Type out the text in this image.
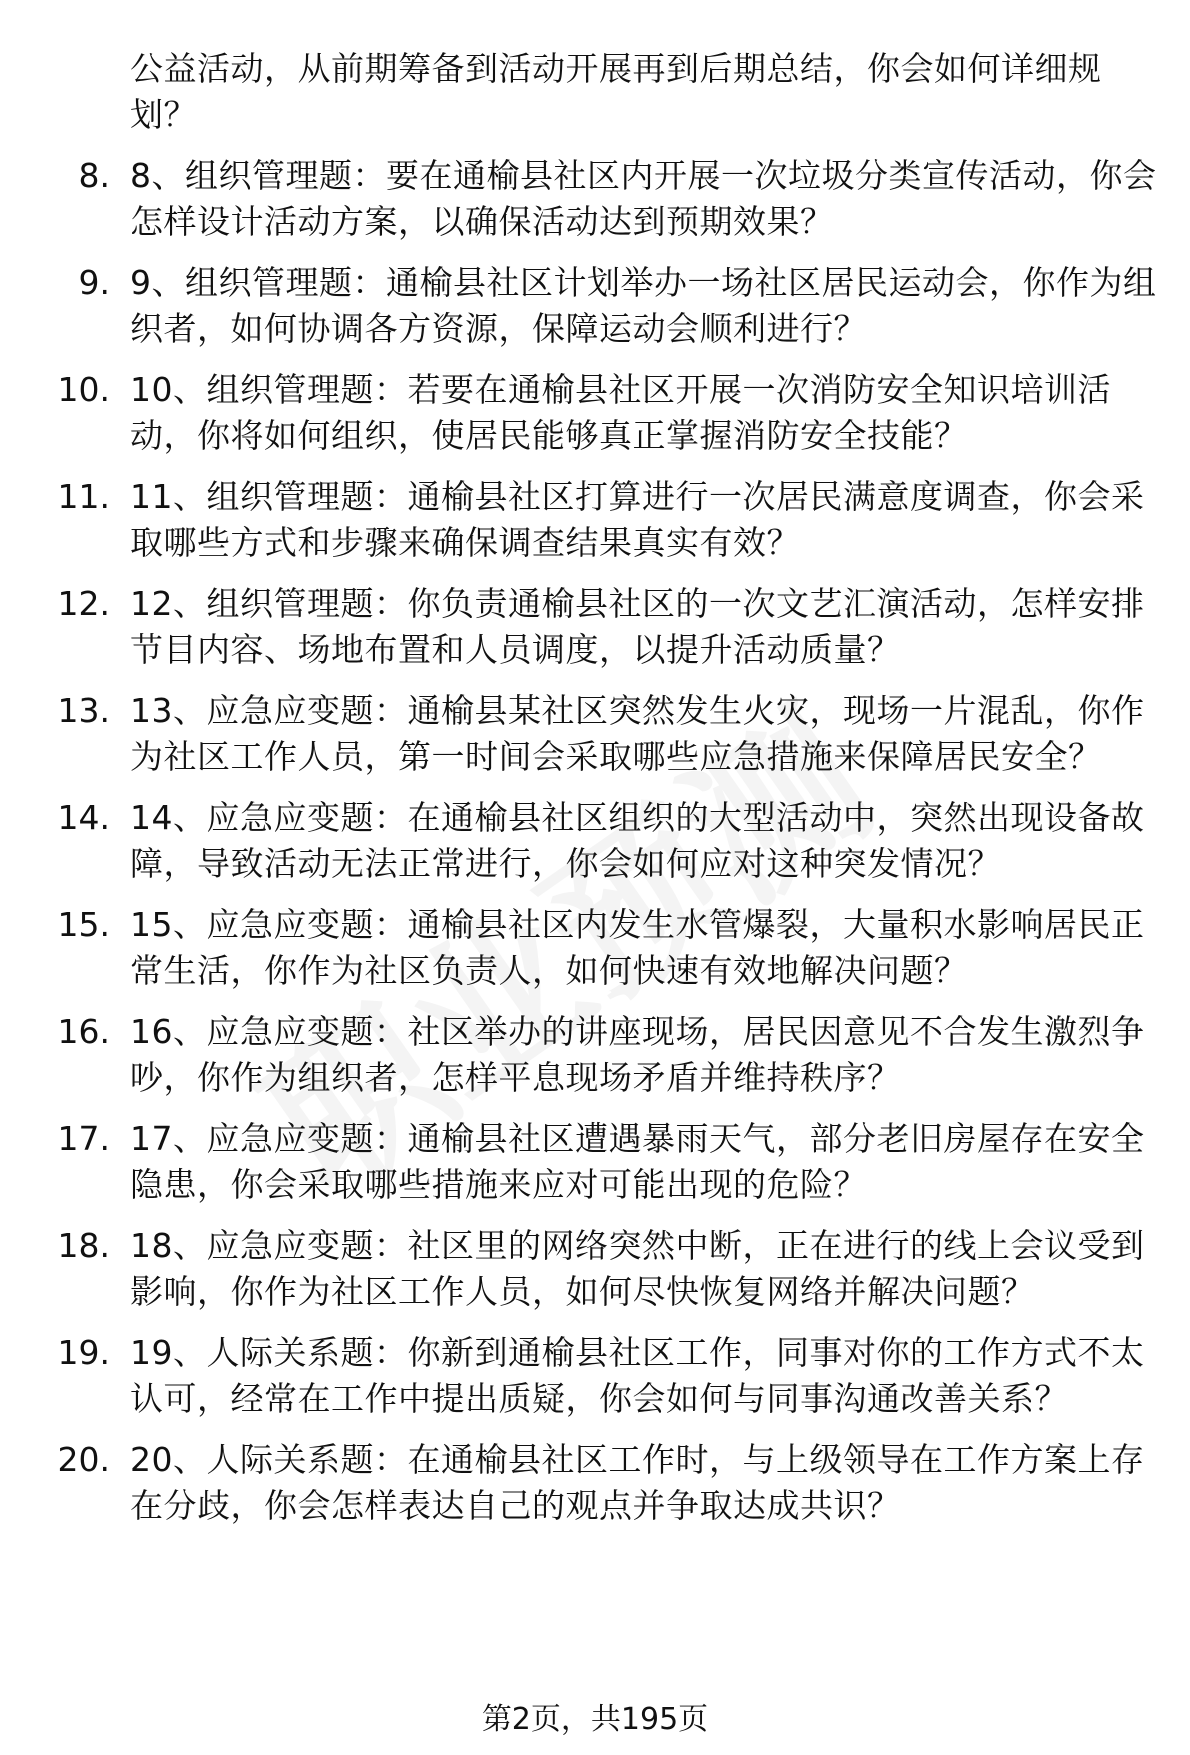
公益活动，从前期筹备到活动开展再到后期总结，你会如何详细规划？
8. 8、组织管理题：要在通榆县社区内开展一次垃圾分类宣传活动，你会怎样设计活动方案，以确保活动达到预期效果？
9. 9、组织管理题：通榆县社区计划举办一场社区居民运动会，你作为组织者，如何协调各方资源，保障运动会顺利进行？
10. 10、组织管理题：若要在通榆县社区开展一次消防安全知识培训活动，你将如何组织，使居民能够真正掌握消防安全技能？
11. 11、组织管理题：通榆县社区打算进行一次居民满意度调查，你会采取哪些方式和步骤来确保调查结果真实有效？
12. 12、组织管理题：你负责通榆县社区的一次文艺汇演活动，怎样安排节目内容、场地布置和人员调度，以提升活动质量？
13. 13、应急应变题：通榆县某社区突然发生火灾，现场一片混乱，你作为社区工作人员，第一时间会采取哪些应急措施来保障居民安全？
14. 14、应急应变题：在通榆县社区组织的大型活动中，突然出现设备故障，导致活动无法正常进行，你会如何应对这种突发情况？
15. 15、应急应变题：通榆县社区内发生水管爆裂，大量积水影响居民正常生活，你作为社区负责人，如何快速有效地解决问题？
16. 16、应急应变题：社区举办的讲座现场，居民因意见不合发生激烈争吵，你作为组织者，怎样平息现场矛盾并维持秩序？
17. 17、应急应变题：通榆县社区遭遇暴雨天气，部分老旧房屋存在安全隐患，你会采取哪些措施来应对可能出现的危险？
18. 18、应急应变题：社区里的网络突然中断，正在进行的线上会议受到影响，你作为社区工作人员，如何尽快恢复网络并解决问题？
19. 19、人际关系题：你新到通榆县社区工作，同事对你的工作方式不太认可，经常在工作中提出质疑，你会如何与同事沟通改善关系？
20. 20、人际关系题：在通榆县社区工作时，与上级领导在工作方案上存在分歧，你会怎样表达自己的观点并争取达成共识？
第2页，共195页
